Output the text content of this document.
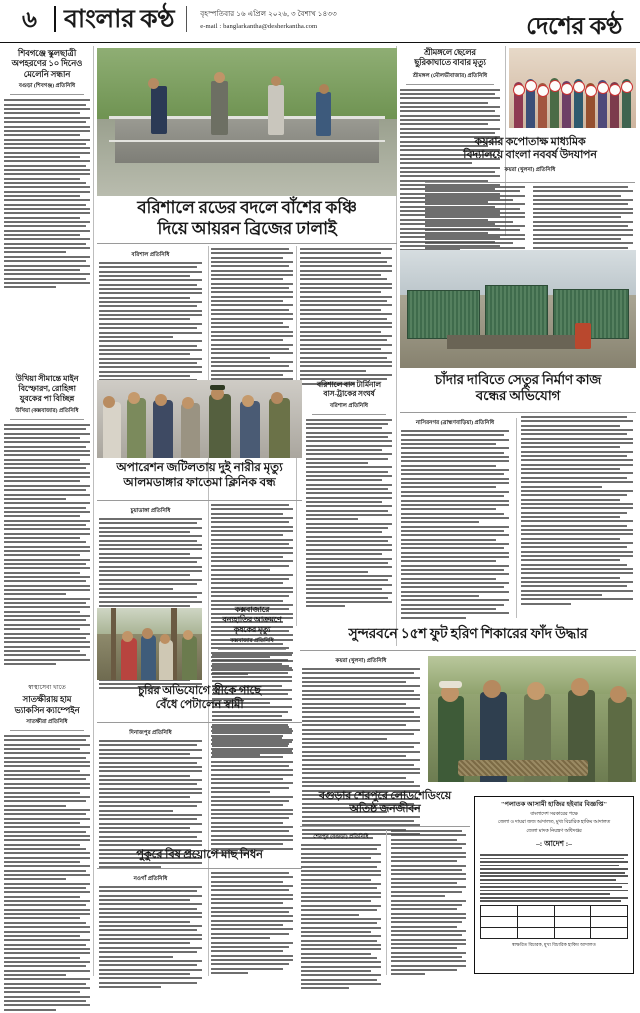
৬	বাংলার কণ্ঠ	বৃহস্পতিবার ১৬ এপ্রিল ২০২৬, ৩ বৈশাখ ১৪৩৩
e-mail : banglarkantha@desherkantha.com	দেশের কণ্ঠ
শিবগঞ্জে স্কুলছাত্রী অপহরণের ১০ দিনেও মেলেনি সন্ধান
বগুড়া (শিবগঞ্জ) প্রতিনিধি
বরিশালে রডের বদলে বাঁশের কঞ্চি
দিয়ে আয়রন ব্রিজের ঢালাই
বরিশাল প্রতিনিধি
শ্রীমঙ্গলে ছেলের
ছুরিকাঘাতে বাবার মৃত্যু
শ্রীমঙ্গল (মৌলভীবাজার) প্রতিনিধি
কয়রার কপোতাক্ষ মাধ্যমিক
বিদ্যালয়ে বাংলা নববর্ষ উদযাপন
কয়রা (খুলনা) প্রতিনিধি
চাঁদার দাবিতে সেতুর নির্মাণ কাজ
বন্ধের অভিযোগ
নাসিরনগর (ব্রাহ্মণবাড়িয়া) প্রতিনিধি
উখিয়া সীমান্তে মাইন
বিস্ফোরণ, রোহিঙ্গা
যুবকের পা বিচ্ছিন্ন
উখিয়া (কক্সবাজার) প্রতিনিধি
বরিশালে বাস টার্মিনাল
বাস-ট্রাকের সংঘর্ষ
বরিশাল প্রতিনিধি
অপারেশন জটিলতায় দুই নারীর মৃত্যু
আলমডাঙ্গার ফাতেমা ক্লিনিক বন্ধ
চুয়াডাঙ্গা প্রতিনিধি
কক্সবাজারে
বন্যহাতির আক্রমণে
কৃষকের মৃত্যু
কক্সবাজার প্রতিনিধি
চুরির অভিযোগে স্ত্রীকে গাছে
বেঁধে পেটালেন স্বামী
দিনাজপুর প্রতিনিধি
স্বাস্থ্যসেবা খাতে
সাতক্ষীরায় হাম
ভ্যাকসিন ক্যাম্পেইন
সাতক্ষীরা প্রতিনিধি
সুন্দরবনে ১৫শ ফুট হরিণ শিকারের ফাঁদ উদ্ধার
কয়রা (খুলনা) প্রতিনিধি
বগুড়ার শেরপুরে লোডশেডিংয়ে
অতিষ্ঠ জনজীবন
শেরপুর (বগুড়া) প্রতিনিধি
পুকুরে বিষ প্রয়োগে মাছ নিধন
নওগাঁ প্রতিনিধি
"পলাতক আসামী হাজির হইবার বিজ্ঞপ্তি"
বাংলাদেশ সরকারের পক্ষে
জেলা ও দায়রা জজ আদালত, মুখ্য বিচারিক হাকিম আদালত
জেলা মাদক নিয়ন্ত্রণ অধিদপ্তর
–: আদেশ :–

স্বাক্ষরিত বিচারক, মুখ্য বিচারিক হাকিম আদালত
